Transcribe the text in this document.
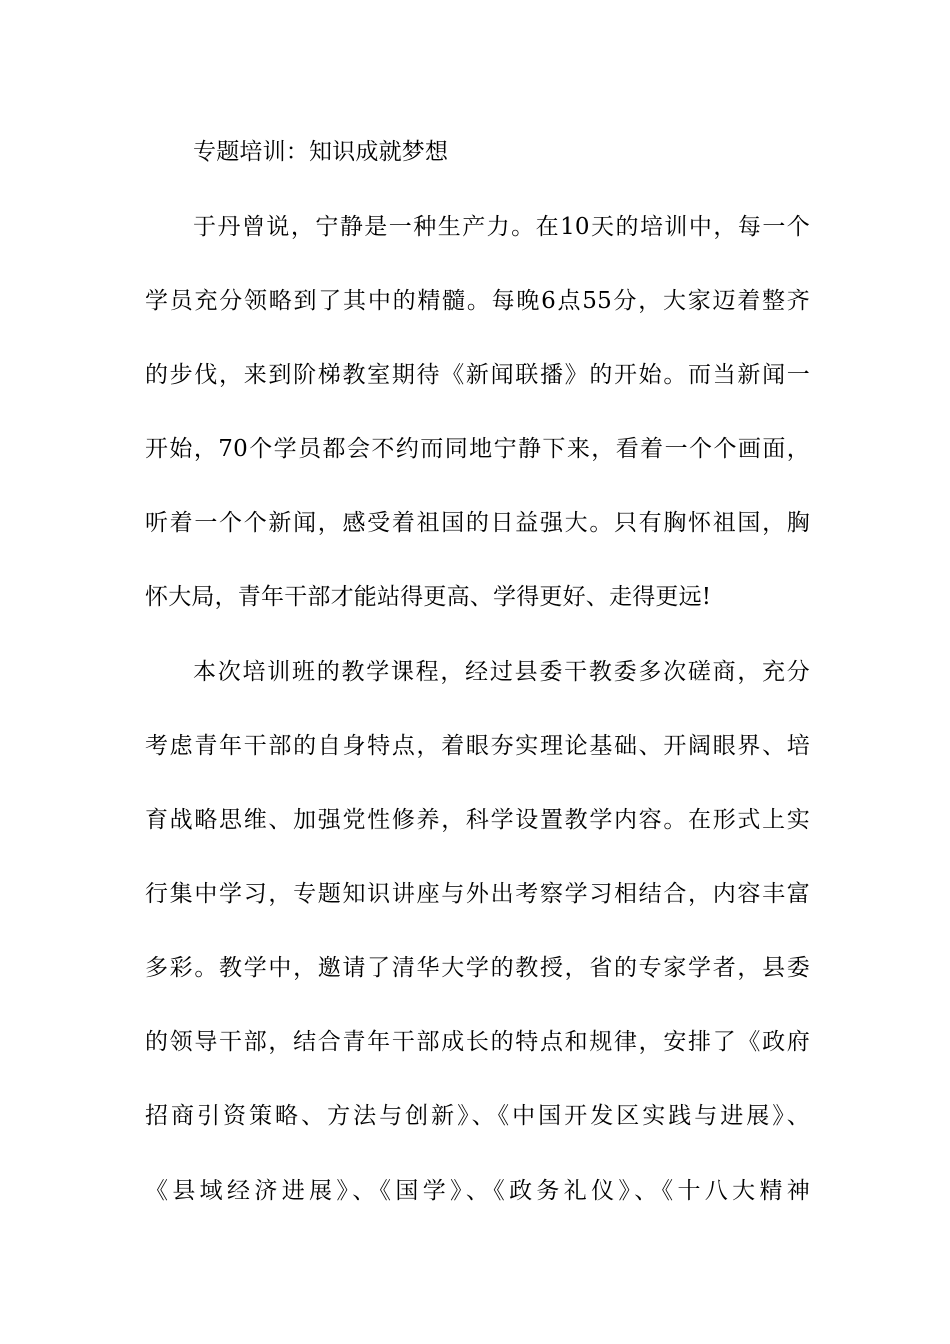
专题培训：知识成就梦想
于丹曾说，宁静是一种生产力。在10天的培训中，每一个
学员充分领略到了其中的精髓。每晚6点55分，大家迈着整齐
的步伐，来到阶梯教室期待《新闻联播》的开始。而当新闻一
开始，70个学员都会不约而同地宁静下来，看着一个个画面，
听着一个个新闻，感受着祖国的日益强大。只有胸怀祖国，胸
怀大局，青年干部才能站得更高、学得更好、走得更远!
本次培训班的教学课程，经过县委干教委多次磋商，充分
考虑青年干部的自身特点，着眼夯实理论基础、开阔眼界、培
育战略思维、加强党性修养，科学设置教学内容。在形式上实
行集中学习，专题知识讲座与外出考察学习相结合，内容丰富
多彩。教学中，邀请了清华大学的教授，省的专家学者，县委
的领导干部，结合青年干部成长的特点和规律，安排了《政府
招商引资策略、方法与创新》、《中国开发区实践与进展》、
《县域经济进展》、《国学》、《政务礼仪》、《十八大精神
